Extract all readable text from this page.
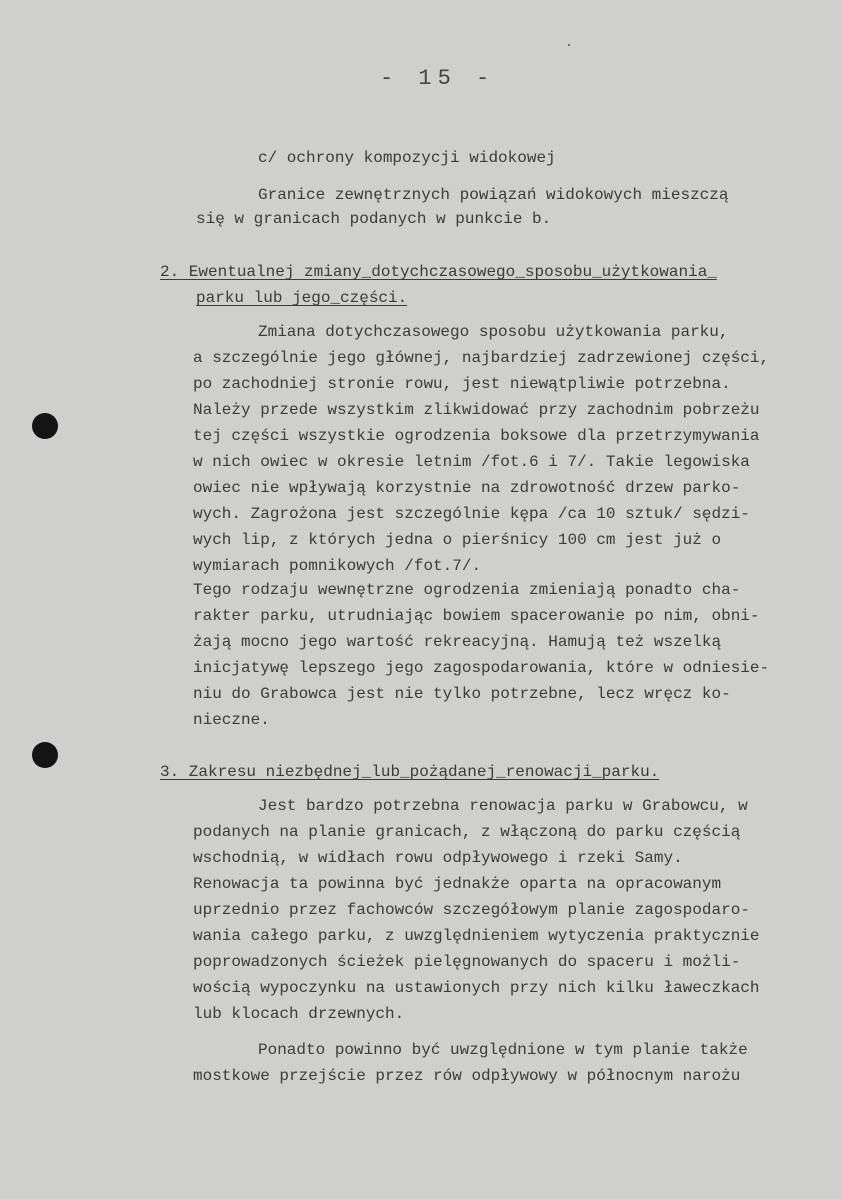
- 15 -
c/ ochrony kompozycji widokowej
Granice zewnętrznych powiązań widokowych mieszczą
się w granicach podanych w punkcie b.
2. Ewentualnej zmiany_dotychczasowego_sposobu_użytkowania_
parku lub jego_części.
Zmiana dotychczasowego sposobu użytkowania parku,
a szczególnie jego głównej, najbardziej zadrzewionej części,
po zachodniej stronie rowu, jest niewątpliwie potrzebna.
Należy przede wszystkim zlikwidować przy zachodnim pobrzeżu
tej części wszystkie ogrodzenia boksowe dla przetrzymywania
w nich owiec w okresie letnim /fot.6 i 7/. Takie legowiska
owiec nie wpływają korzystnie na zdrowotność drzew parko-
wych. Zagrożona jest szczególnie kępa /ca 10 sztuk/ sędzi-
wych lip, z których jedna o pierśnicy 100 cm jest już o
wymiarach pomnikowych /fot.7/.
Tego rodzaju wewnętrzne ogrodzenia zmieniają ponadto cha-
rakter parku, utrudniając bowiem spacerowanie po nim, obni-
żają mocno jego wartość rekreacyjną. Hamują też wszelką
inicjatywę lepszego jego zagospodarowania, które w odniesie-
niu do Grabowca jest nie tylko potrzebne, lecz wręcz ko-
nieczne.
3. Zakresu niezbędnej_lub_pożądanej_renowacji_parku.
Jest bardzo potrzebna renowacja parku w Grabowcu, w
podanych na planie granicach, z włączoną do parku częścią
wschodnią, w widłach rowu odpływowego i rzeki Samy.
Renowacja ta powinna być jednakże oparta na opracowanym
uprzednio przez fachowców szczegółowym planie zagospodaro-
wania całego parku, z uwzględnieniem wytyczenia praktycznie
poprowadzonych ścieżek pielęgnowanych do spaceru i możli-
wością wypoczynku na ustawionych przy nich kilku ławeczkach
lub klocach drzewnych.
Ponadto powinno być uwzględnione w tym planie także
mostkowe przejście przez rów odpływowy w północnym narożu
